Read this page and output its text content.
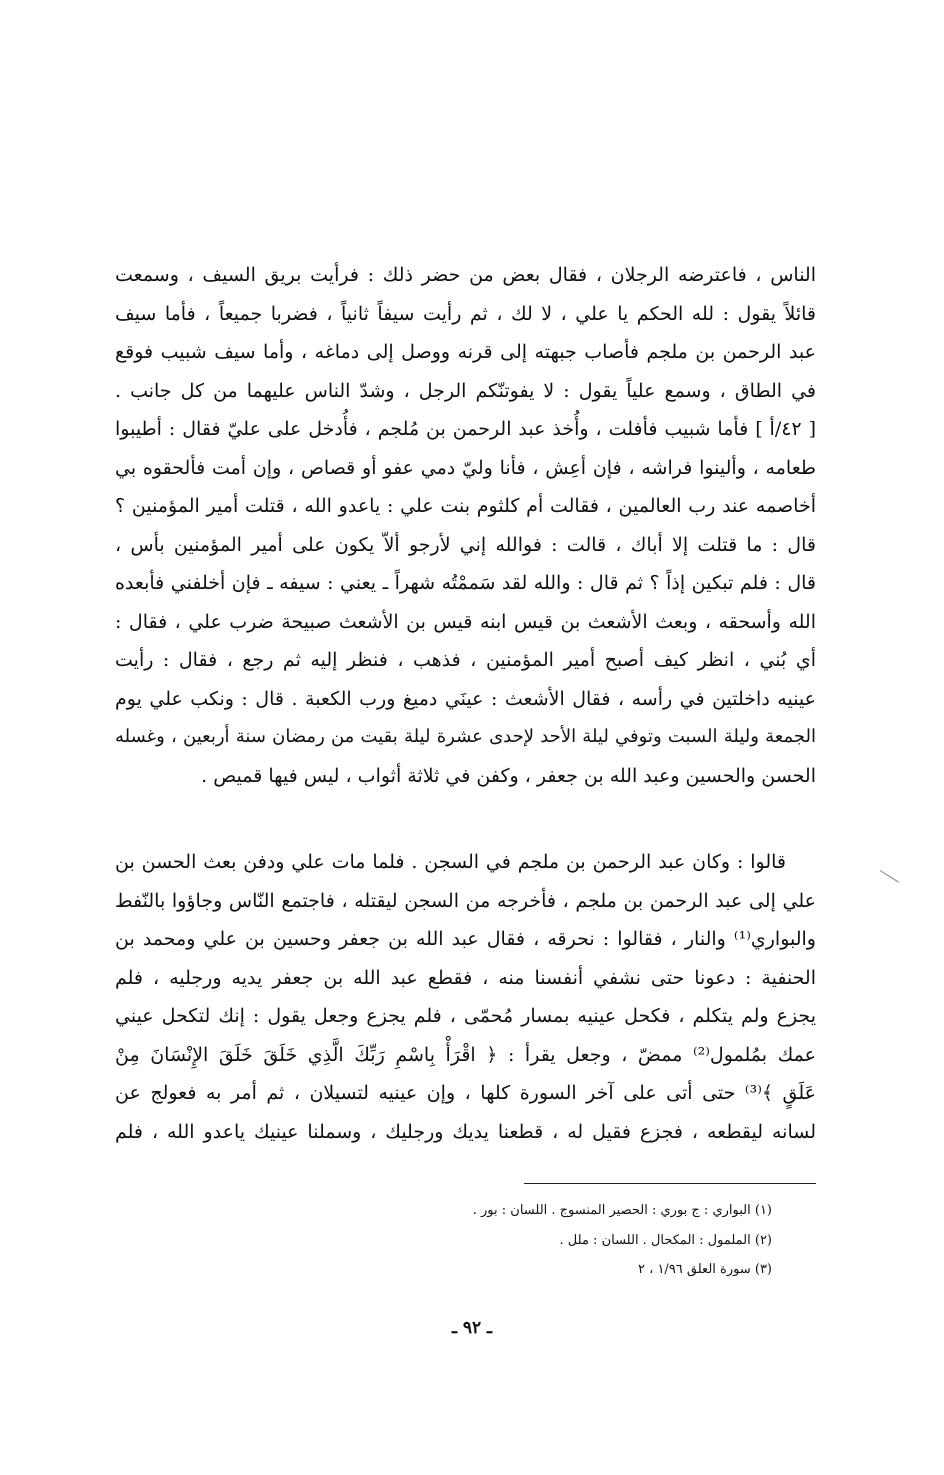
الناس ، فاعترضه الرجلان ، فقال بعض من حضر ذلك : فرأيت بريق السيف ، وسمعت
قائلاً يقول : لله الحكم يا علي ، لا لك ، ثم رأيت سيفاً ثانياً ، فضربا جميعاً ، فأما سيف
عبد الرحمن بن ملجم فأصاب جبهته إلى قرنه ووصل إلى دماغه ، وأما سيف شبيب فوقع
في الطاق ، وسمع علياً يقول : لا يفوتنّكم الرجل ، وشدّ الناس عليهما من كل جانب .
[ ٤٢/أ ] فأما شبيب فأفلت ، وأُخذ عبد الرحمن بن مُلجم ، فأُدخل على عليّ فقال : أطيبوا
طعامه ، وألينوا فراشه ، فإن أعِش ، فأنا وليّ دمي عفو أو قصاص ، وإن أمت فألحقوه بي
أخاصمه عند رب العالمين ، فقالت أم كلثوم بنت علي : ياعدو الله ، قتلت أمير المؤمنين ؟
قال : ما قتلت إلا أباك ، قالت : فوالله إني لأرجو ألاّ يكون على أمير المؤمنين بأس ،
قال : فلم تبكين إذاً ؟ ثم قال : والله لقد سَممْتُه شهراً ـ يعني : سيفه ـ فإن أخلفني فأبعده
الله وأسحقه ، وبعث الأشعث بن قيس ابنه قيس بن الأشعث صبيحة ضرب علي ، فقال :
أي بُني ، انظر كيف أصبح أمير المؤمنين ، فذهب ، فنظر إليه ثم رجع ، فقال : رأيت
عينيه داخلتين في رأسه ، فقال الأشعث : عينَي دميغ ورب الكعبة . قال : ونكب علي يوم
الجمعة وليلة السبت وتوفي ليلة الأحد لإحدى عشرة ليلة بقيت من رمضان سنة أربعين ، وغسله
الحسن والحسين وعبد الله بن جعفر ، وكفن في ثلاثة أثواب ، ليس فيها قميص .
قالوا : وكان عبد الرحمن بن ملجم في السجن . فلما مات علي ودفن بعث الحسن بن
علي إلى عبد الرحمن بن ملجم ، فأخرجه من السجن ليقتله ، فاجتمع النّاس وجاؤوا بالنّفط
والبواري⁽¹⁾ والنار ، فقالوا : نحرقه ، فقال عبد الله بن جعفر وحسين بن علي ومحمد بن
الحنفية : دعونا حتى نشفي أنفسنا منه ، فقطع عبد الله بن جعفر يديه ورجليه ، فلم
يجزع ولم يتكلم ، فكحل عينيه بمسار مُحمّى ، فلم يجزع وجعل يقول : إنك لتكحل عيني
عمك بمُلمول⁽²⁾ ممضّ ، وجعل يقرأ : ﴿ اقْرَأْ بِاسْمِ رَبِّكَ الَّذِي خَلَقَ خَلَقَ الإِنْسَانَ مِنْ
عَلَقٍ ﴾⁽³⁾ حتى أتى على آخر السورة كلها ، وإن عينيه لتسيلان ، ثم أمر به فعولج عن
لسانه ليقطعه ، فجزع فقيل له ، قطعنا يديك ورجليك ، وسملنا عينيك ياعدو الله ، فلم
(١) البواري : ج بوري : الحصير المنسوج . اللسان : بور .
(٢) الملمول : المكحال . اللسان : ملل .
(٣) سورة العلق ١/٩٦ ، ٢
ـ ٩٢ ـ
